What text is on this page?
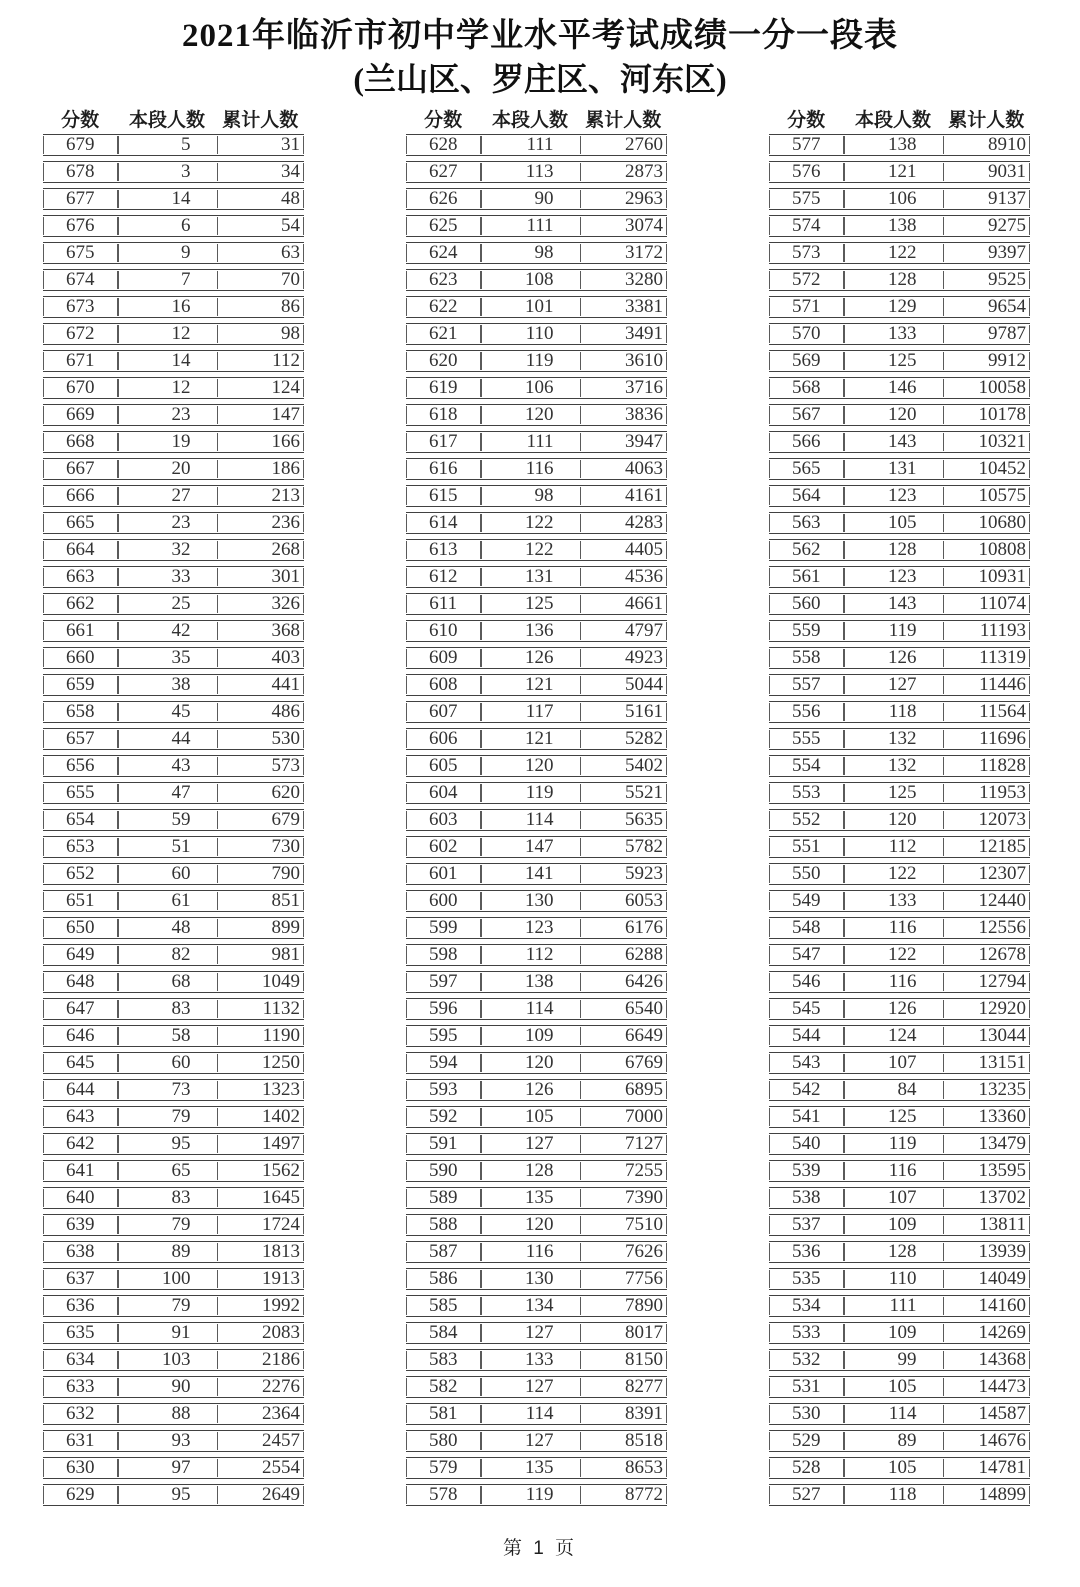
2021年临沂市初中学业水平考试成绩一分一段表
(兰山区、罗庄区、河东区)
分数	本段人数 累计人数
679	5	31
678	3	34
677	14	48
676	6	54
675	9	63
674	7	70
673	16	86
672	12	98
671	14	112
670	12	124
669	23	147
668	19	166
667	20	186
666	27	213
665	23	236
664	32	268
663	33	301
662	25	326
661	42	368
660	35	403
659	38	441
658	45	486
657	44	530
656	43	573
655	47	620
654	59	679
653	51	730
652	60	790
651	61	851
650	48	899
649	82	981
648	68	1049
647	83	1132
646	58	1190
645	60	1250
644	73	1323
643	79	1402
642	95	1497
641	65	1562
640	83	1645
639	79	1724
638	89	1813
637	100	1913
636	79	1992
635	91	2083
634	103	2186
633	90	2276
632	88	2364
631	93	2457
630	97	2554
629	95	2649
分数	本段人数 累计人数
628	111	2760
627	113	2873
626	90	2963
625	111	3074
624	98	3172
623	108	3280
622	101	3381
621	110	3491
620	119	3610
619	106	3716
618	120	3836
617	111	3947
616	116	4063
615	98	4161
614	122	4283
613	122	4405
612	131	4536
611	125	4661
610	136	4797
609	126	4923
608	121	5044
607	117	5161
606	121	5282
605	120	5402
604	119	5521
603	114	5635
602	147	5782
601	141	5923
600	130	6053
599	123	6176
598	112	6288
597	138	6426
596	114	6540
595	109	6649
594	120	6769
593	126	6895
592	105	7000
591	127	7127
590	128	7255
589	135	7390
588	120	7510
587	116	7626
586	130	7756
585	134	7890
584	127	8017
583	133	8150
582	127	8277
581	114	8391
580	127	8518
579	135	8653
578	119	8772
分数	本段人数 累计人数
577	138	8910
576	121	9031
575	106	9137
574	138	9275
573	122	9397
572	128	9525
571	129	9654
570	133	9787
569	125	9912
568	146	10058
567	120	10178
566	143	10321
565	131	10452
564	123	10575
563	105	10680
562	128	10808
561	123	10931
560	143	11074
559	119	11193
558	126	11319
557	127	11446
556	118	11564
555	132	11696
554	132	11828
553	125	11953
552	120	12073
551	112	12185
550	122	12307
549	133	12440
548	116	12556
547	122	12678
546	116	12794
545	126	12920
544	124	13044
543	107	13151
542	84	13235
541	125	13360
540	119	13479
539	116	13595
538	107	13702
537	109	13811
536	128	13939
535	110	14049
534	111	14160
533	109	14269
532	99	14368
531	105	14473
530	114	14587
529	89	14676
528	105	14781
527	118	14899
第 1 页
